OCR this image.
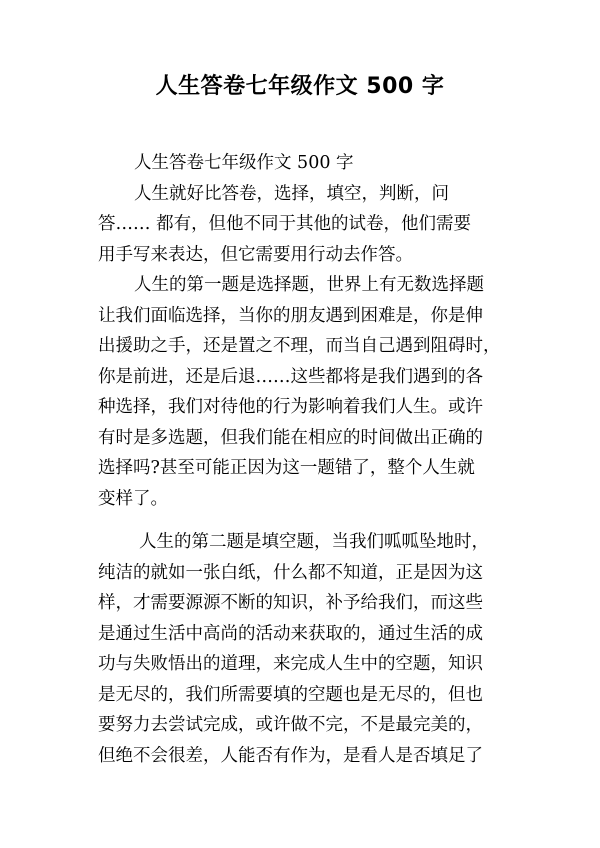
人生答卷七年级作文 500 字
人生答卷七年级作文 500 字
人生就好比答卷，选择，填空，判断，问
答…… 都有，但他不同于其他的试卷，他们需要
用手写来表达，但它需要用行动去作答。
人生的第一题是选择题，世界上有无数选择题
让我们面临选择，当你的朋友遇到困难是，你是伸
出援助之手，还是置之不理，而当自己遇到阻碍时，
你是前进，还是后退……这些都将是我们遇到的各
种选择，我们对待他的行为影响着我们人生。或许
有时是多选题，但我们能在相应的时间做出正确的
选择吗?甚至可能正因为这一题错了，整个人生就
变样了。
人生的第二题是填空题，当我们呱呱坠地时，
纯洁的就如一张白纸，什么都不知道，正是因为这
样，才需要源源不断的知识，补予给我们，而这些
是通过生活中高尚的活动来获取的，通过生活的成
功与失败悟出的道理，来完成人生中的空题，知识
是无尽的，我们所需要填的空题也是无尽的，但也
要努力去尝试完成，或许做不完，不是最完美的，
但绝不会很差，人能否有作为，是看人是否填足了
